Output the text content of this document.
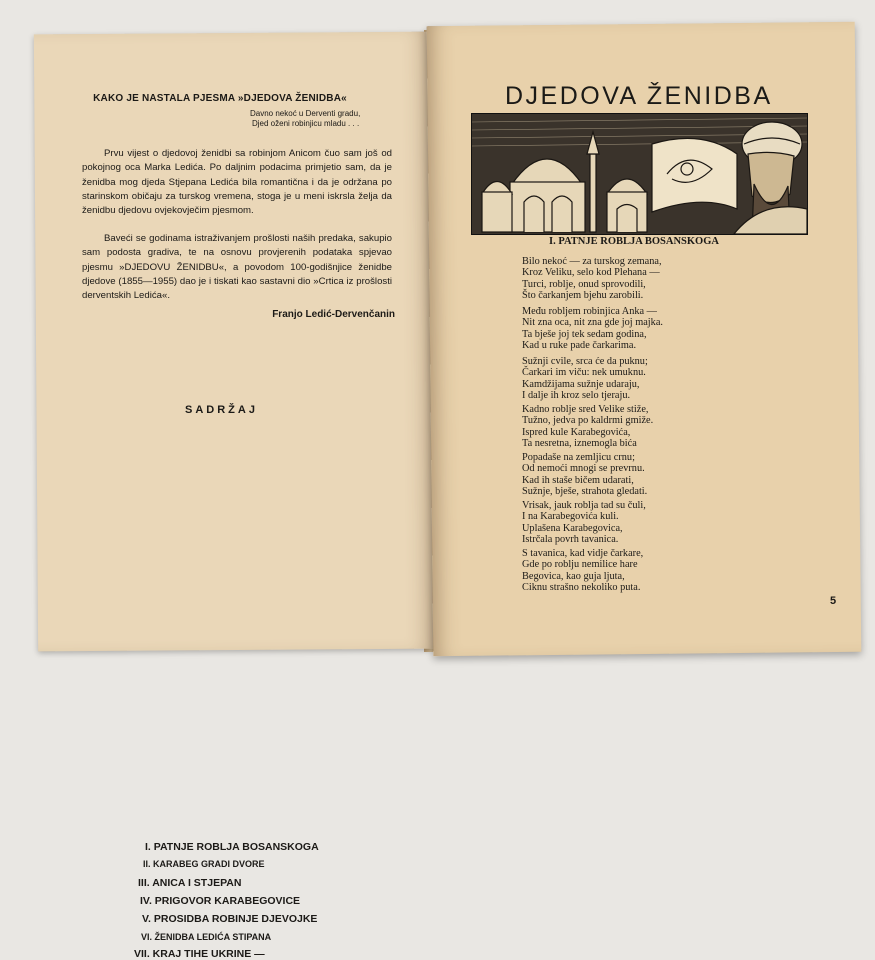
KAKO JE NASTALA PJESMA »DJEDOVA ŽENIDBA«
Davno nekoć u Derventi gradu,
Djed oženi robinjicu mladu . . .
Prvu vijest o djedovoj ženidbi sa robinjom Anicom čuo sam još od pokojnog oca Marka Ledića. Po daljnim podacima primjetio sam, da je ženidba mog djeda Stjepana Ledića bila romantična i da je održana po starinskom običaju za turskog vremena, stoga je u meni iskrsla želja da ženidbu djedovu ovjekovječim pjesmom.
Baveći se godinama istraživanjem prošlosti naših predaka, sakupio sam podosta gradiva, te na osnovu provjerenih podataka spjevao pjesmu »DJEDOVU ŽENIDBU«, a povodom 100-godišnjice ženidbe djedove (1855—1955) dao je i tiskati kao sastavni dio »Crtica iz prošlosti derventskih Ledića«.
Franjo Ledić-Dervenčanin
SADRŽAJ
I. PATNJE ROBLJA BOSANSKOGA
II. KARABEG GRADI DVORE
III. ANICA I STJEPAN
IV. PRIGOVOR KARABEGOVICE
V. PROSIDBA ROBINJE DJEVOJKE
VI. ŽENIDBA LEDIĆA STIPANA
VII. KRAJ TIHE UKRINE —
DJEDOVA ŽENIDBA
I. PATNJE ROBLJA BOSANSKOGA
Bilo nekoć — za turskog zemana,
Kroz Veliku, selo kod Plehana —
Turci, roblje, onud sprovodili,
Što čarkanjem bjehu zarobili.
Među robljem robinjica Anka —
Nit zna oca, nit zna gde joj majka.
Ta bješe joj tek sedam godina,
Kad u ruke pade čarkarima.
Sužnji cvile, srca će da puknu;
Čarkari im viču: nek umuknu.
Kamdžijama sužnje udaraju,
I dalje ih kroz selo tjeraju.
Kadno roblje sred Velike stiže,
Tužno, jedva po kaldrmi gmiže.
Ispred kule Karabegovića,
Ta nesretna, iznemogla bića
Popadaše na zemljicu crnu;
Od nemoći mnogi se prevrnu.
Kad ih staše bičem udarati,
Sužnje, bješe, strahota gledati.
Vrisak, jauk roblja tad su čuli,
I na Karabegovića kuli.
Uplašena Karabegovica,
Istrčala povrh tavanica.
S tavanica, kad vidje čarkare,
Gde po roblju nemilice hare
Begovica, kao guja ljuta,
Ciknu strašno nekoliko puta.
5
